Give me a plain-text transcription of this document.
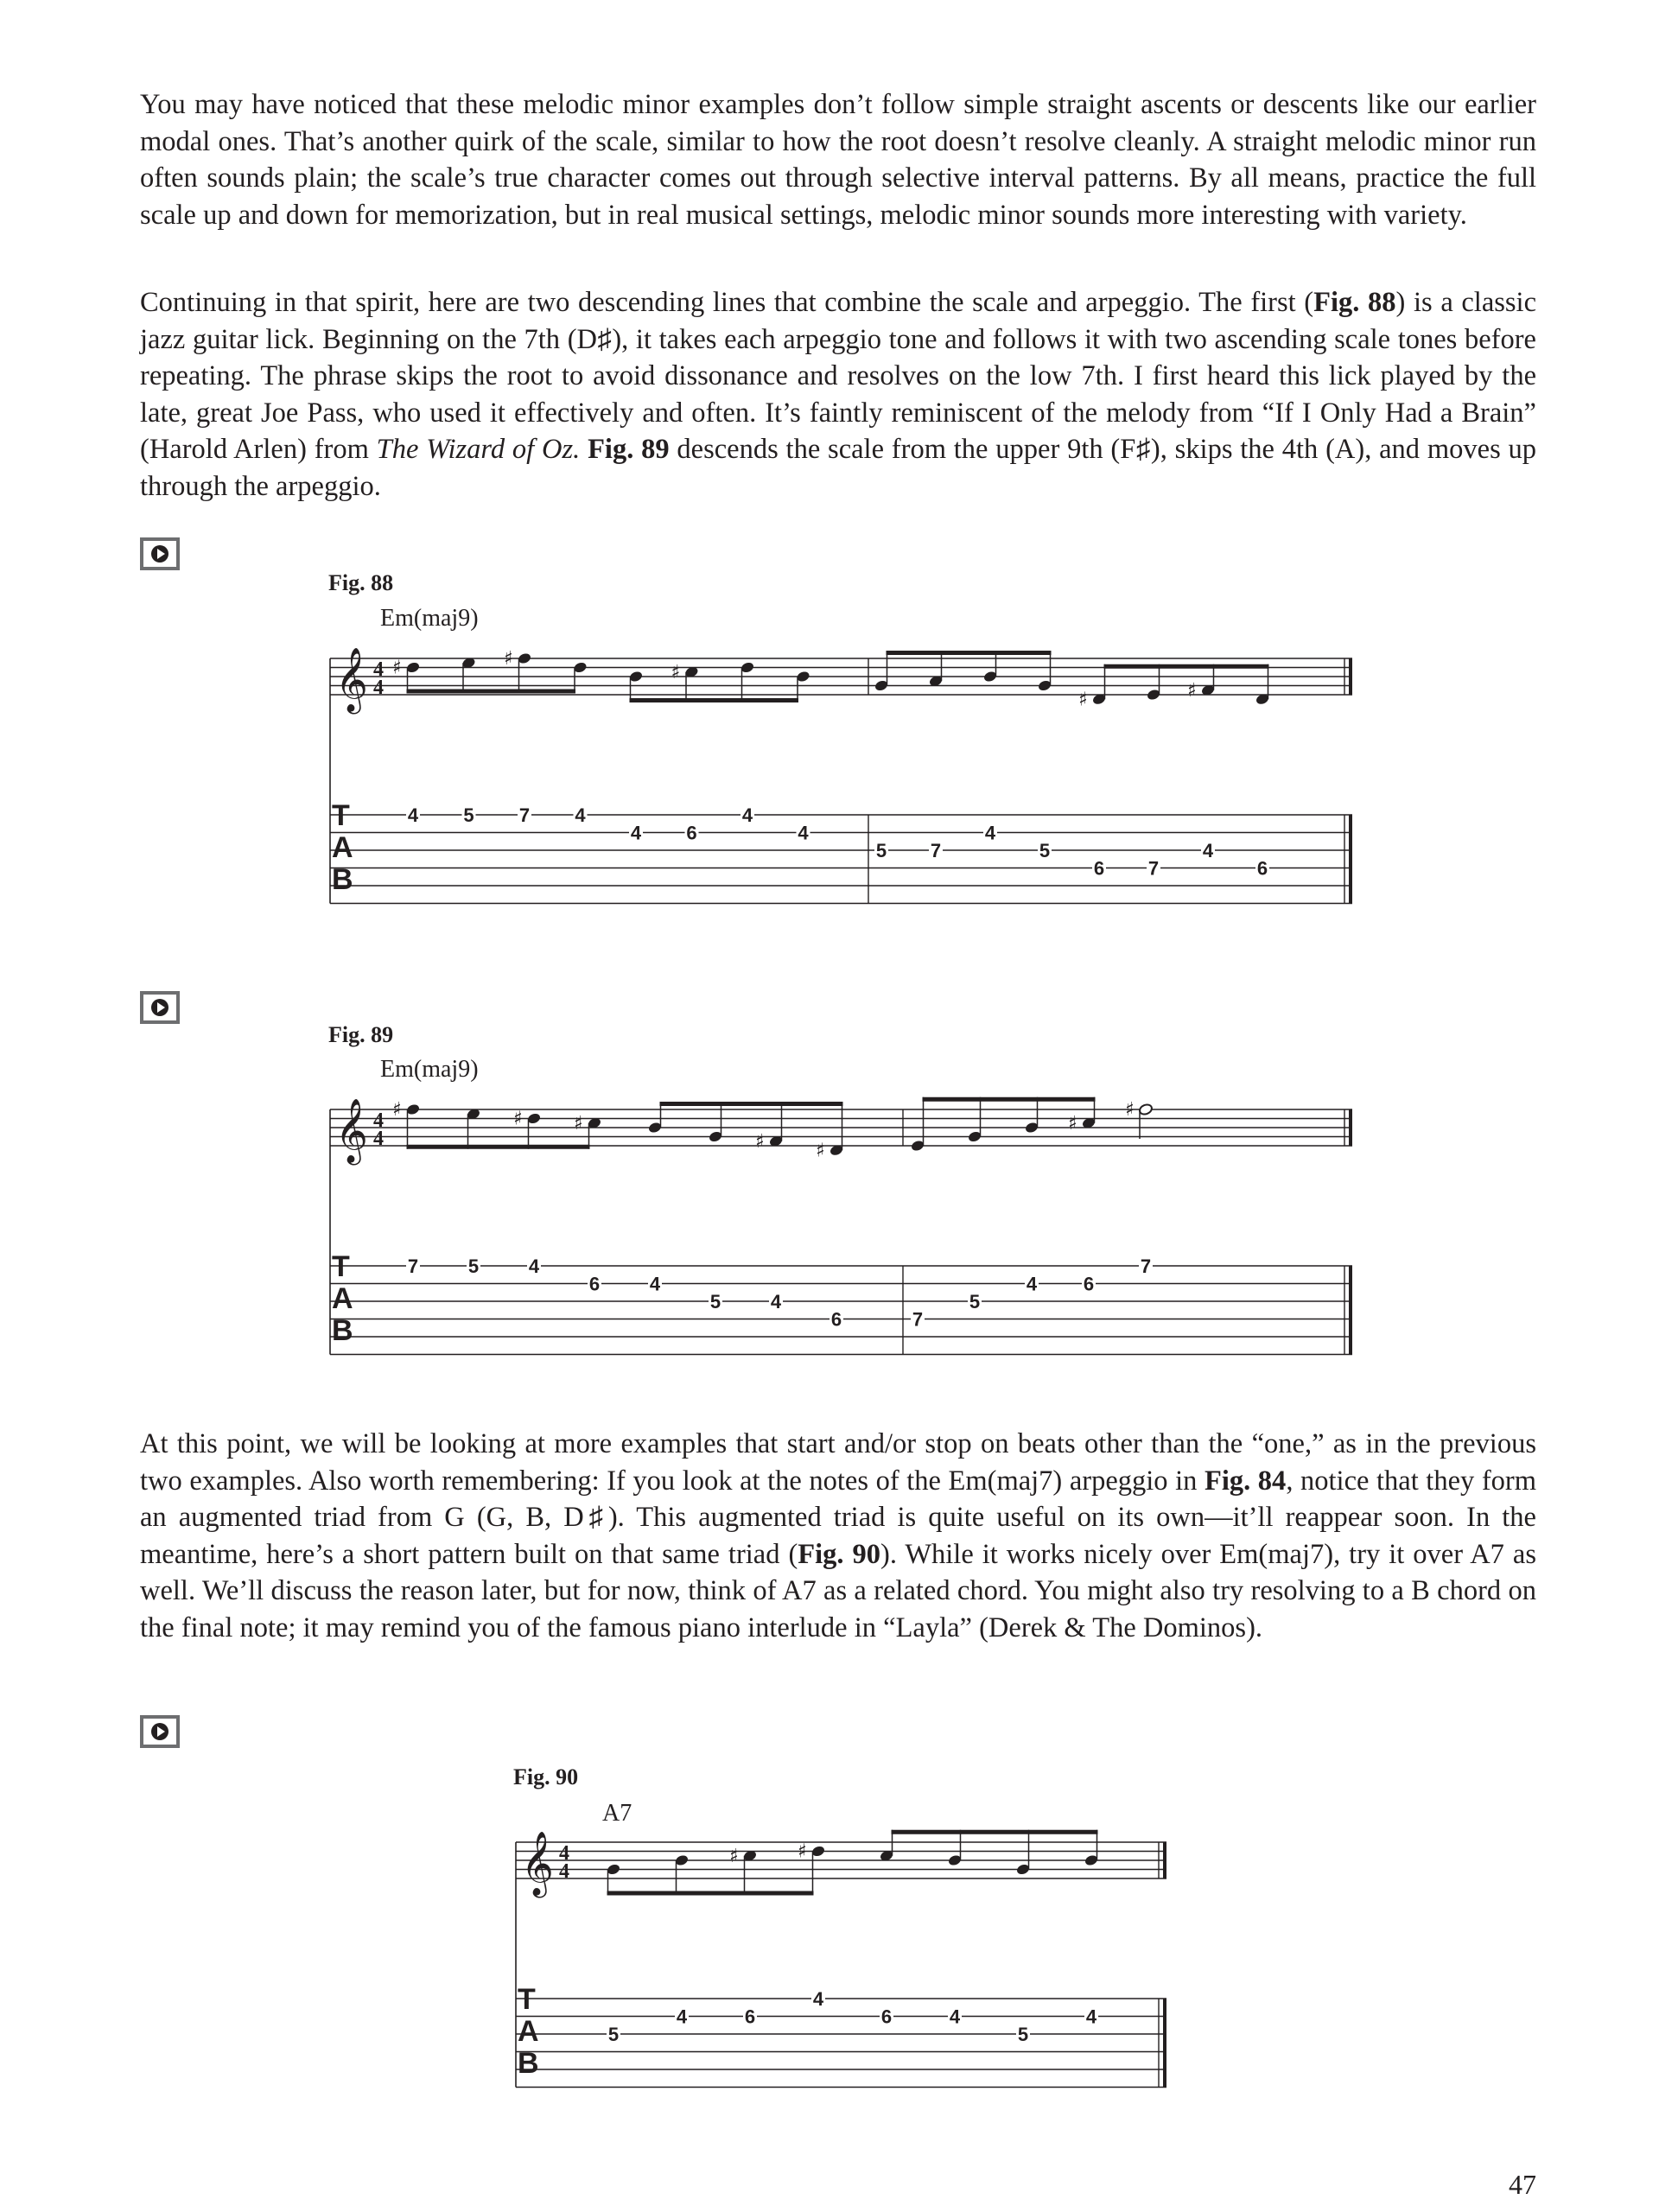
You may have noticed that these melodic minor examples don’t follow simple straight ascents or descents like our earlier modal ones. That’s another quirk of the scale, similar to how the root doesn’t resolve cleanly. A straight melodic minor run often sounds plain; the scale’s true character comes out through selective interval patterns. By all means, practice the full scale up and down for memorization, but in real musical settings, melodic minor sounds more interesting with variety.

Continuing in that spirit, here are two descending lines that combine the scale and arpeggio. The first (Fig. 88) is a classic jazz guitar lick. Beginning on the 7th (D♯), it takes each arpeggio tone and follows it with two ascending scale tones before repeating. The phrase skips the root to avoid dissonance and resolves on the low 7th. I first heard this lick played by the late, great Joe Pass, who used it effectively and often. It’s faintly reminiscent of the melody from “If I Only Had a Brain” (Harold Arlen) from The Wizard of Oz. Fig. 89 descends the scale from the upper 9th (F♯), skips the 4th (A), and moves up through the arpeggio.

Fig. 88
Em(maj9)
Fig. 89
Em(maj9)
Fig. 90
A7
𝄞 4
4
T
A
B
♯
4 5
♯
7 4
4
♯
6
4
4
5 7
4
5
♯
6 7
♯
4
6
𝄞 4
4
T
A
B
♯
7	5
♯
4
♯
6	4
5
♯
4
♯
6	7
5
4
♯
6
♯
7
𝄞 4
4
T
A
B
5
4
♯
6
♯
4
6	4
5
4

At this point, we will be looking at more examples that start and/or stop on beats other than the “one,” as in the previous two examples. Also worth remembering: If you look at the notes of the Em(maj7) arpeggio in Fig. 84, notice that they form an augmented triad from G (G, B, D♯). This augmented triad is quite useful on its own—it’ll reappear soon. In the meantime, here’s a short pattern built on that same triad (Fig. 90). While it works nicely over Em(maj7), try it over A7 as well. We’ll discuss the reason later, but for now, think of A7 as a related chord. You might also try resolving to a B chord on the final note; it may remind you of the famous piano interlude in “Layla” (Derek & The Dominos).

47
